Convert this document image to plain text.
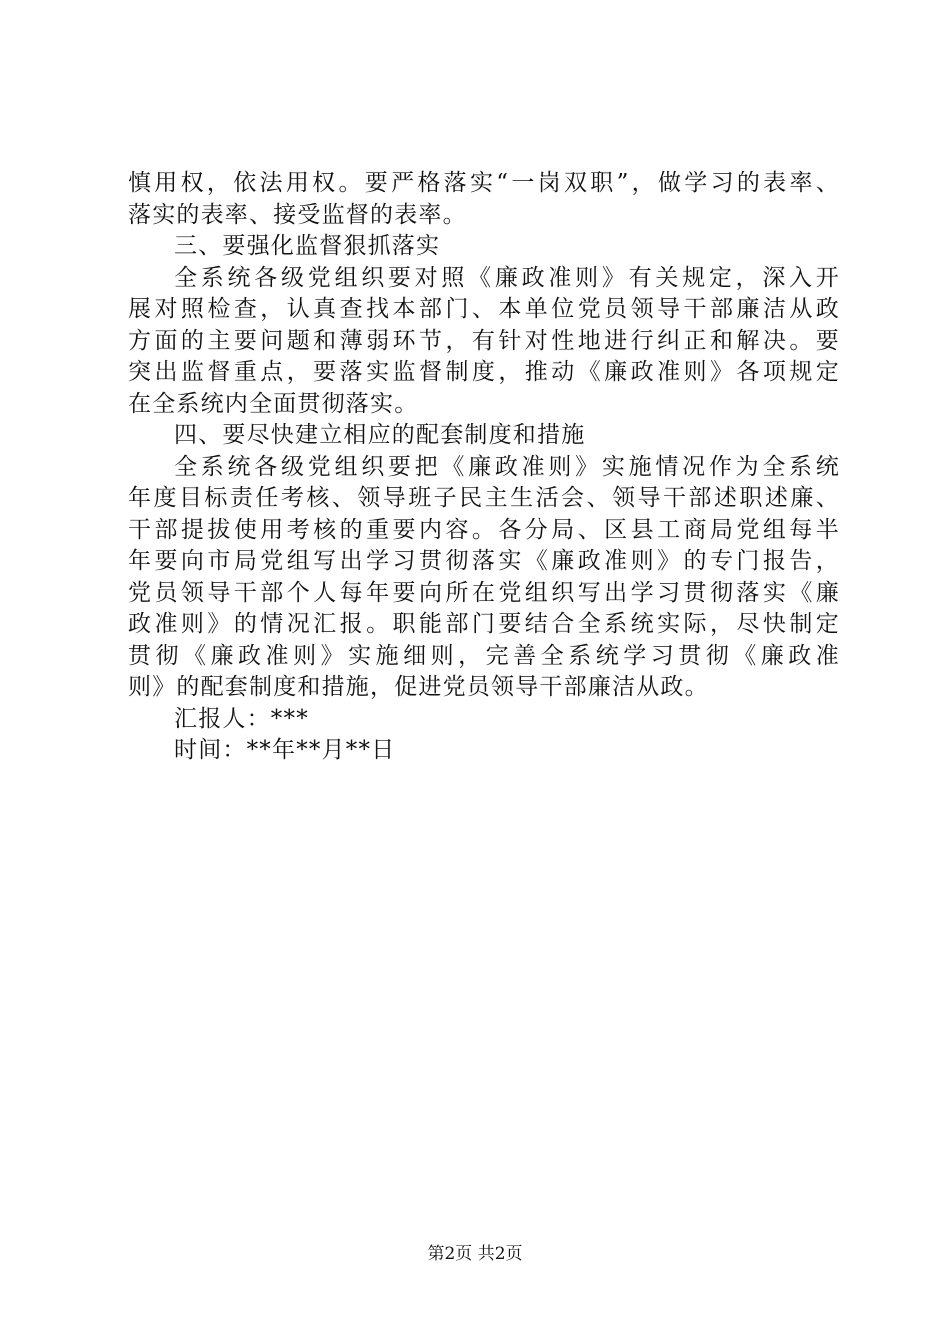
慎用权，依法用权。要严格落实“一岗双职”，做学习的表率、
落实的表率、接受监督的表率。
三、要强化监督狠抓落实
全系统各级党组织要对照《廉政准则》有关规定，深入开
展对照检查，认真查找本部门、本单位党员领导干部廉洁从政
方面的主要问题和薄弱环节，有针对性地进行纠正和解决。要
突出监督重点，要落实监督制度，推动《廉政准则》各项规定
在全系统内全面贯彻落实。
四、要尽快建立相应的配套制度和措施
全系统各级党组织要把《廉政准则》实施情况作为全系统
年度目标责任考核、领导班子民主生活会、领导干部述职述廉、
干部提拔使用考核的重要内容。各分局、区县工商局党组每半
年要向市局党组写出学习贯彻落实《廉政准则》的专门报告，
党员领导干部个人每年要向所在党组织写出学习贯彻落实《廉
政准则》的情况汇报。职能部门要结合全系统实际，尽快制定
贯彻《廉政准则》实施细则，完善全系统学习贯彻《廉政准
则》的配套制度和措施，促进党员领导干部廉洁从政。
汇报人：***
时间：**年**月**日
第2页 共2页
